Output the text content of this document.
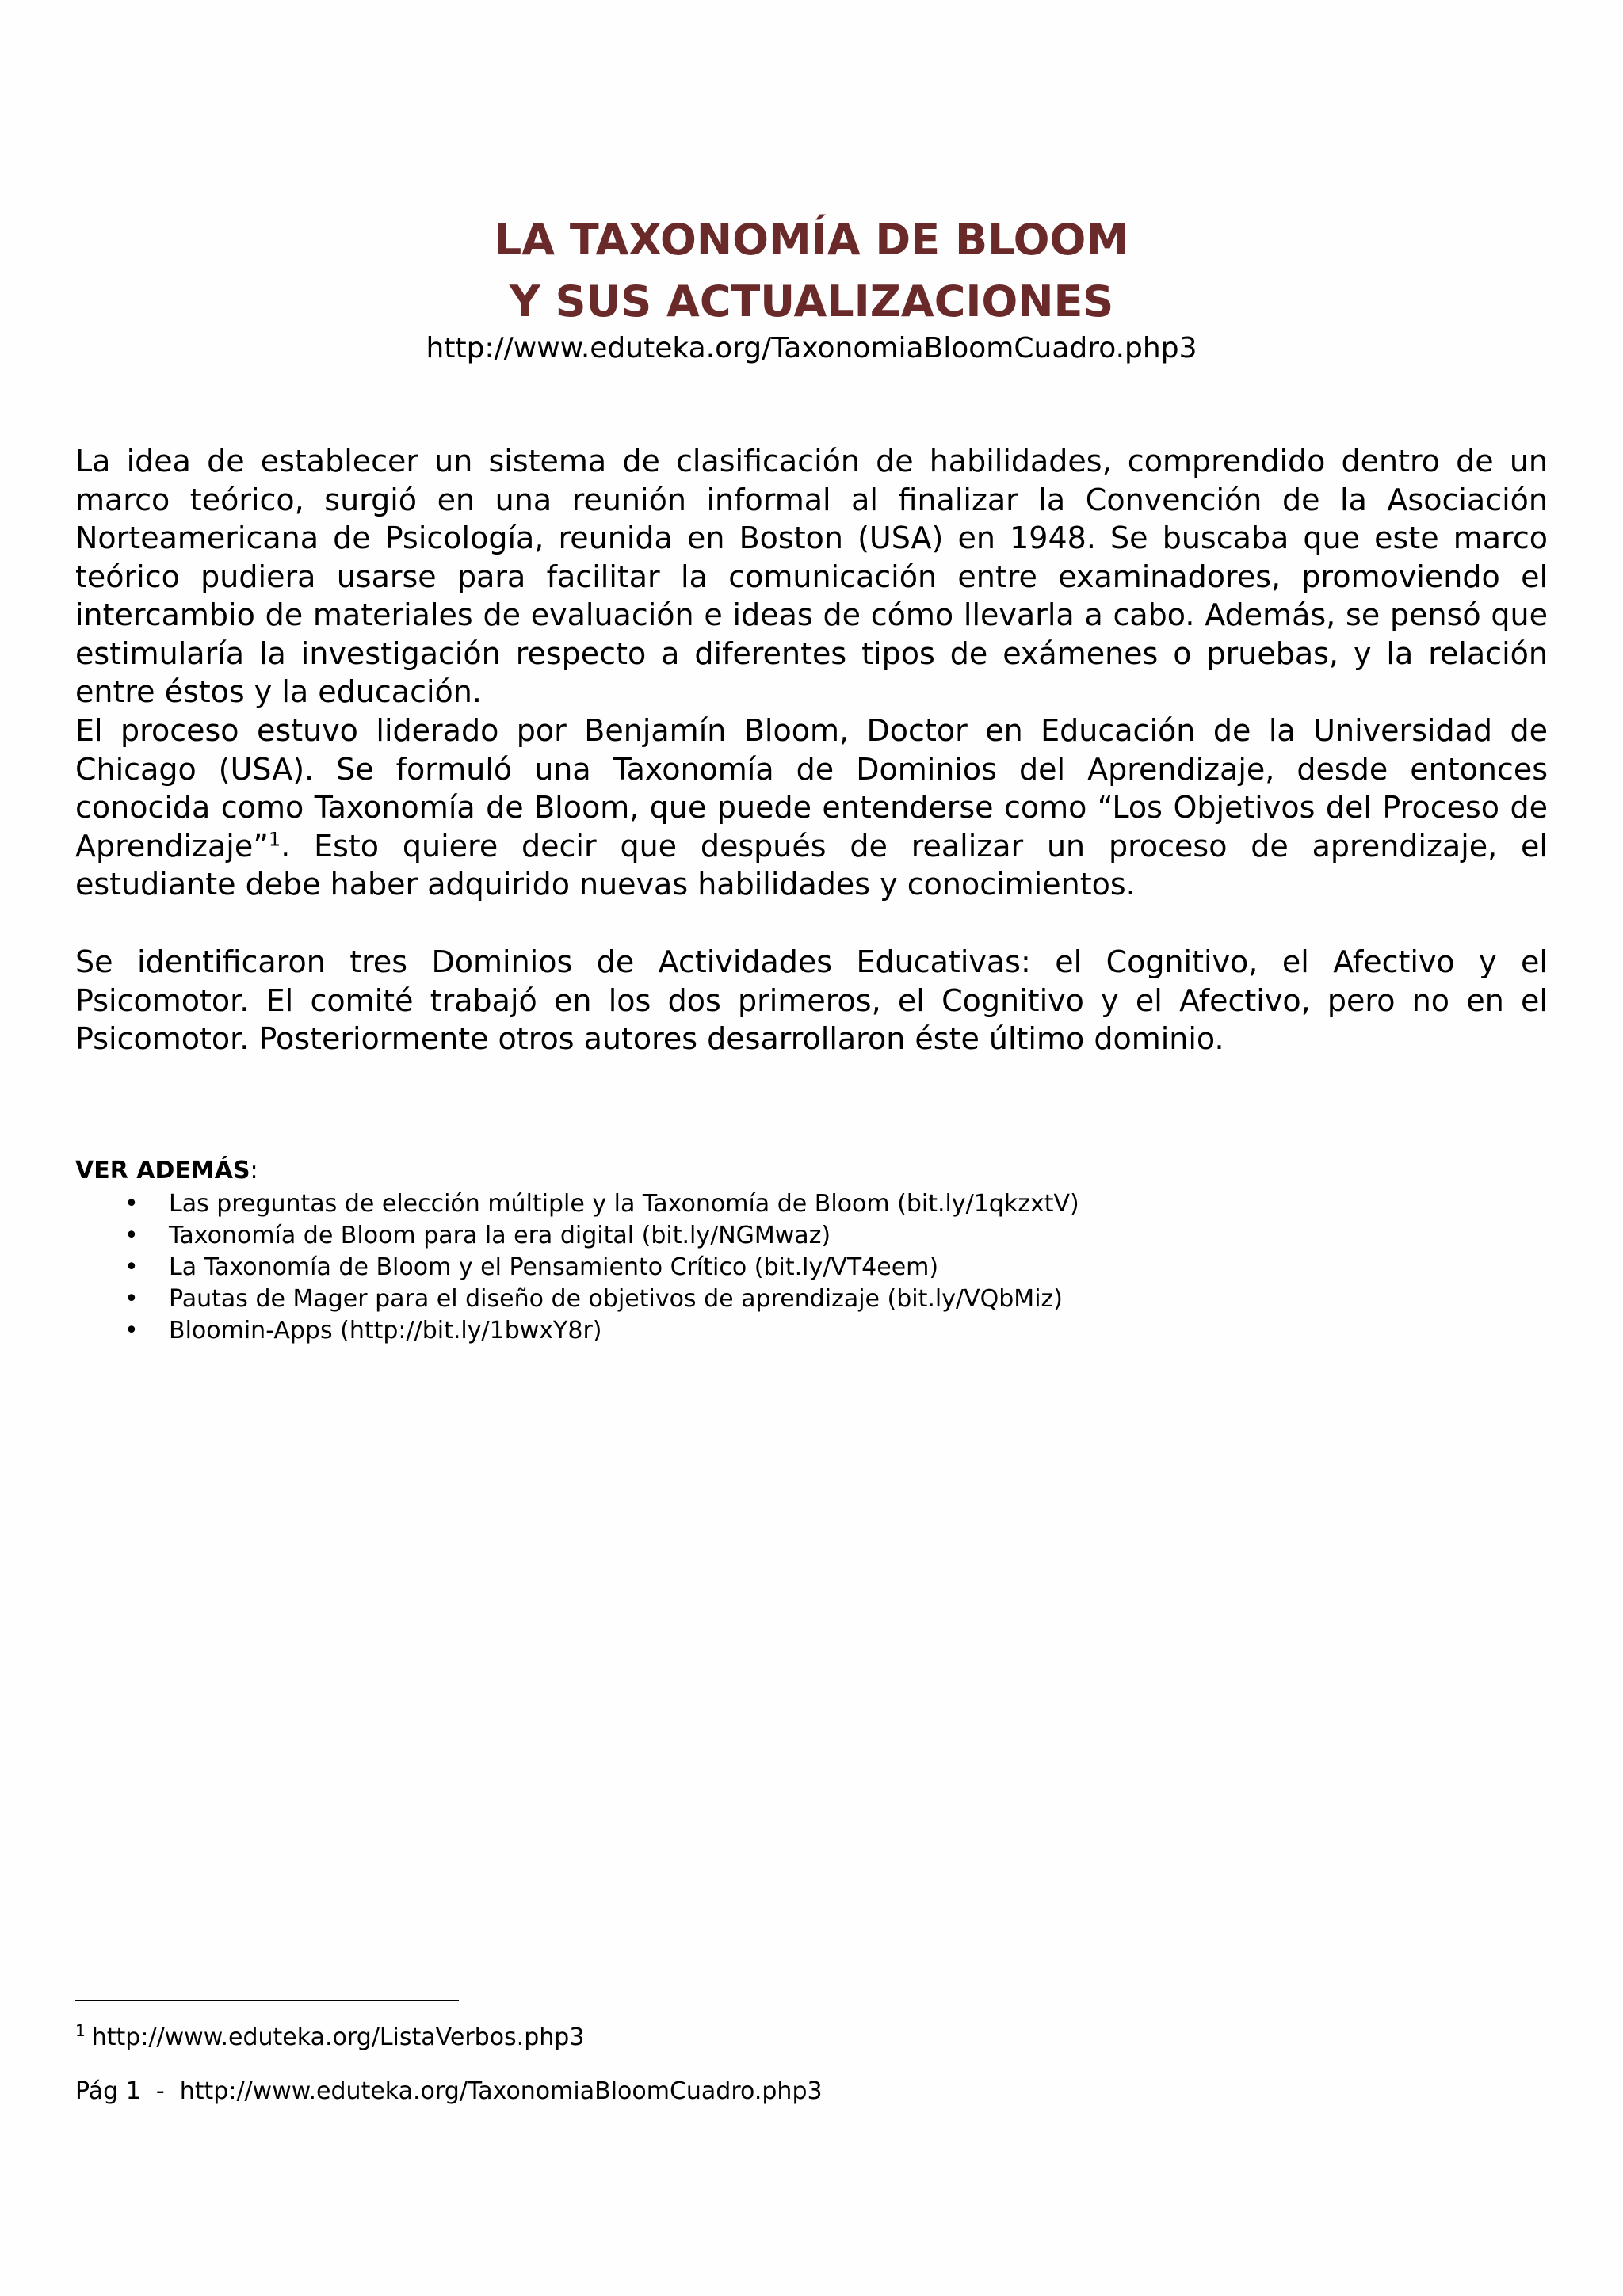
LA TAXONOMÍA DE BLOOM
Y SUS ACTUALIZACIONES
http://www.eduteka.org/TaxonomiaBloomCuadro.php3

La idea de establecer un sistema de clasificación de habilidades, comprendido dentro de un marco teórico, surgió en una reunión informal al finalizar la Convención de la Asociación Norteamericana de Psicología, reunida en Boston (USA) en 1948. Se buscaba que este marco teórico pudiera usarse para facilitar la comunicación entre examinadores, promoviendo el intercambio de materiales de evaluación e ideas de cómo llevarla a cabo. Además, se pensó que estimularía la investigación respecto a diferentes tipos de exámenes o pruebas, y la relación entre éstos y la educación.

El proceso estuvo liderado por Benjamín Bloom, Doctor en Educación de la Universidad de Chicago (USA). Se formuló una Taxonomía de Dominios del Aprendizaje, desde entonces conocida como Taxonomía de Bloom, que puede entenderse como “Los Objetivos del Proceso de Aprendizaje”$^1$. Esto quiere decir que después de realizar un proceso de aprendizaje, el estudiante debe haber adquirido nuevas habilidades y conocimientos.

Se identificaron tres Dominios de Actividades Educativas: el Cognitivo, el Afectivo y el Psicomotor. El comité trabajó en los dos primeros, el Cognitivo y el Afectivo, pero no en el Psicomotor. Posteriormente otros autores desarrollaron éste último dominio.

VER ADEMÁS:
• Las preguntas de elección múltiple y la Taxonomía de Bloom (bit.ly/1qkzxtV)
• Taxonomía de Bloom para la era digital (bit.ly/NGMwaz)
• La Taxonomía de Bloom y el Pensamiento Crítico (bit.ly/VT4eem)
• Pautas de Mager para el diseño de objetivos de aprendizaje (bit.ly/VQbMiz)
• Bloomin-Apps (http://bit.ly/1bwxY8r)
$^1$ http://www.eduteka.org/ListaVerbos.php3
Pág 1  -  http://www.eduteka.org/TaxonomiaBloomCuadro.php3
